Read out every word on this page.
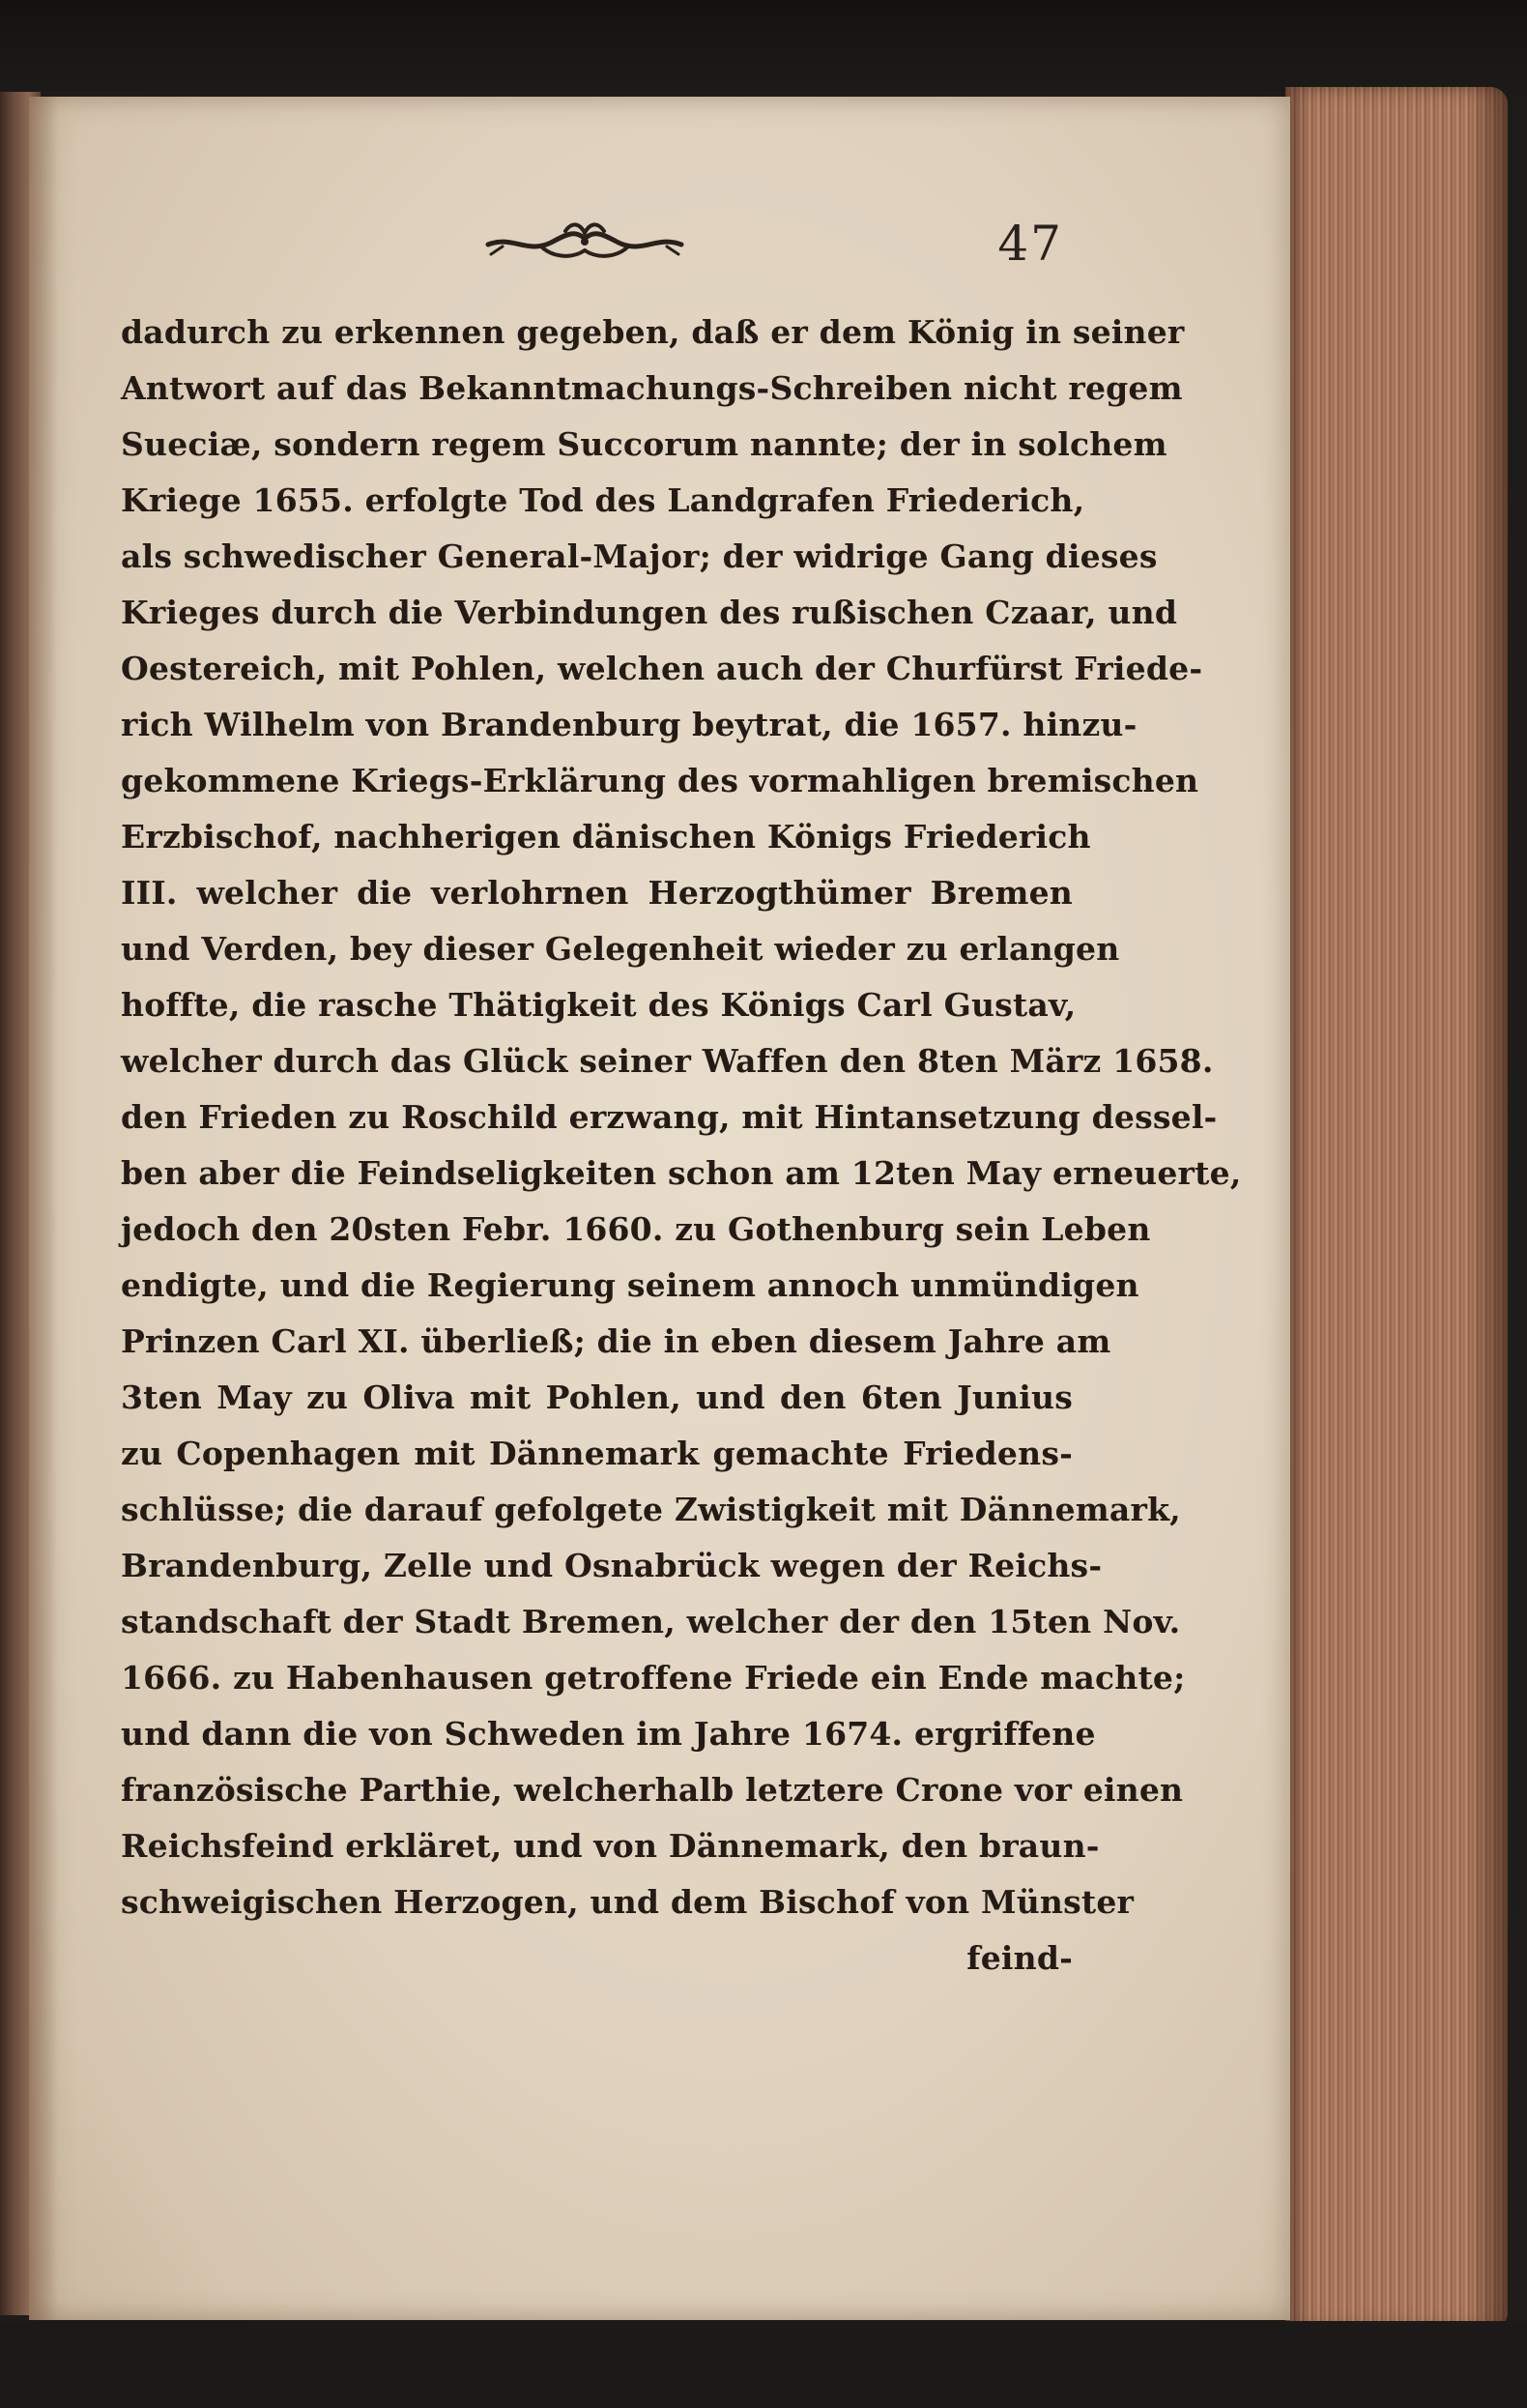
47
dadurch zu erkennen gegeben, daß er dem König in seiner
Antwort auf das Bekanntmachungs-Schreiben nicht regem
Sueciæ, sondern regem Succorum nannte; der in solchem
Kriege 1655. erfolgte Tod des Landgrafen Friederich,
als schwedischer General-Major; der widrige Gang dieses
Krieges durch die Verbindungen des rußischen Czaar, und
Oestereich, mit Pohlen, welchen auch der Churfürst Friede-
rich Wilhelm von Brandenburg beytrat, die 1657. hinzu-
gekommene Kriegs-Erklärung des vormahligen bremischen
Erzbischof, nachherigen dänischen Königs Friederich
III. welcher die verlohrnen Herzogthümer Bremen
und Verden, bey dieser Gelegenheit wieder zu erlangen
hoffte, die rasche Thätigkeit des Königs Carl Gustav,
welcher durch das Glück seiner Waffen den 8ten März 1658.
den Frieden zu Roschild erzwang, mit Hintansetzung dessel-
ben aber die Feindseligkeiten schon am 12ten May erneuerte,
jedoch den 20sten Febr. 1660. zu Gothenburg sein Leben
endigte, und die Regierung seinem annoch unmündigen
Prinzen Carl XI. überließ; die in eben diesem Jahre am
3ten May zu Oliva mit Pohlen, und den 6ten Junius
zu Copenhagen mit Dännemark gemachte Friedens-
schlüsse; die darauf gefolgete Zwistigkeit mit Dännemark,
Brandenburg, Zelle und Osnabrück wegen der Reichs-
standschaft der Stadt Bremen, welcher der den 15ten Nov.
1666. zu Habenhausen getroffene Friede ein Ende machte;
und dann die von Schweden im Jahre 1674. ergriffene
französische Parthie, welcherhalb letztere Crone vor einen
Reichsfeind erkläret, und von Dännemark, den braun-
schweigischen Herzogen, und dem Bischof von Münster
feind-
